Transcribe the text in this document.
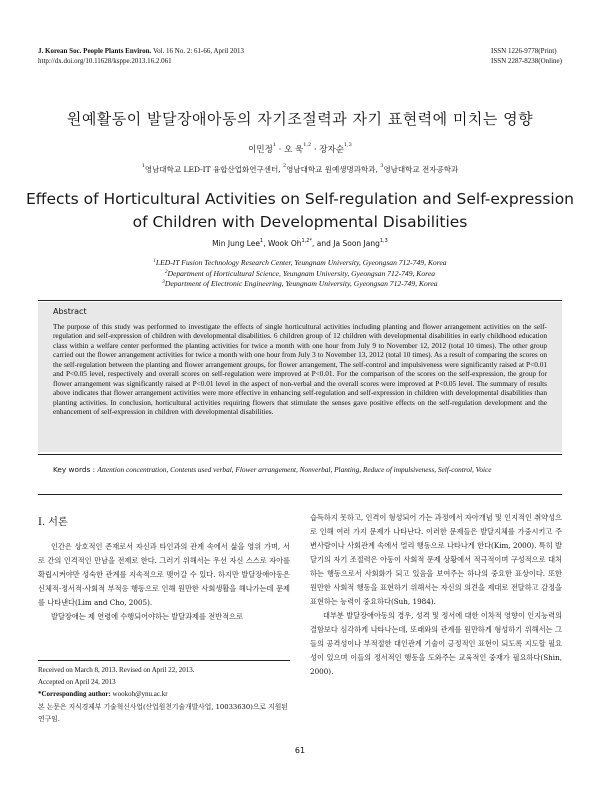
J. Korean Soc. People Plants Environ. Vol. 16 No. 2: 61-66, April 2013
http://dx.doi.org/10.11628/ksppe.2013.16.2.061
ISSN 1226-9778(Print)
ISSN 2287-8238(Online)
원예활동이 발달장애아동의 자기조절력과 자기 표현력에 미치는 영향
이민정$^1$ · 오 욱$^{1,2}$ · 장자순$^{1,3}$
$^1$영남대학교 LED-IT 융합산업화연구센터, $^2$영남대학교 원예생명과학과, $^3$영남대학교 전자공학과
Effects of Horticultural Activities on Self-regulation and Self-expression
of Children with Developmental Disabilities
Min Jung Lee$^1$, Wook $Oh^{1,2*}$, and Ja Soon Jang$^{1,3}$
$^1$LED-IT Fusion Technology Research Center, Yeungnam University, Gyeongsan 712-749, Korea
$^2$Department of Horticultural Science, Yeungnam University, Gyeongsan 712-749, Korea
$^3$Department of Electronic Engineering, Yeungnam University, Gyeongsan 712-749, Korea
Abstract
The purpose of this study was performed to investigate the effects of single horticultural activities including planting and flower arrangement activities on the self-regulation and self-expression of children with developmental disabilities. 6 children group of 12 children with developmental disabilities in early childhood education class within a welfare center performed the planting activities for twice a month with one hour from July 9 to November 12, 2012 (total 10 times). The other group carried out the flower arrangement activities for twice a month with one hour from July 3 to November 13, 2012 (total 10 times). As a result of comparing the scores on the self-regulation between the planting and flower arrangement groups, for flower arrangement, The self-control and impulsiveness were significantly raised at P<0.01 and P<0.05 level, respectively and overall scores on self-regulation were improved at P<0.01. For the comparison of the scores on the self-expression, the group for flower arrangement was significantly raised at P<0.01 level in the aspect of non-verbal and the overall scores were improved at P<0.05 level. The summary of results above indicates that flower arrangement activities were more effective in enhancing self-regulation and self-expression in children with developmental disabilities than planting activities. In conclusion, horticultural activities requiring flowers that stimulate the senses gave positive effects on the self-regulation development and the enhancement of self-expression in children with developmental disabilities.
Key words : Attention concentration, Contents used verbal, Flower arrangement, Nonverbal, Planting, Reduce of impulsiveness, Self-control, Voice
I. 서론

인간은 상호적인 존재로서 자신과 타인과의 관계 속에서 삶을 영위 가며, 서로 간의 인격적인 만남을 전제로 한다. 그러기 위해서는 우선 자신 스스로 자아를 확립시켜야만 성숙한 관계를 지속적으로 맺어갈 수 있다. 하지만 발달장애아동은 신체적·정서적·사회적 부적응 행동으로 인해 원만한 사회생활을 해나가는데 문제를 나타낸다(Lim and Cho, 2005).

발달장애는 제 연령에 수행되어야하는 발달과제를 전반적으로

습득하지 못하고, 인격이 형성되어 가는 과정에서 자아개념 및 인지적인 취약성으로 인해 여러 가지 문제가 나타난다. 이러한 문제들은 발달지체를 가중시키고 주변사람이나 사회관계 속에서 멀리 행동으로 나타나게 한다(Kim, 2000). 특히 발달기의 자기 조절력은 아동이 사회적 문제 상황에서 적극적이며 구성적으로 대처하는 행동으로서 사회화가 되고 있음을 보여주는 하나의 중요한 표상이다. 또한 원만한 사회적 행동을 표현하기 위해서는 자신의 의견을 제대로 전달하고 감정을 표현하는 능력이 중요하다(Suh, 1984).

대부분 발달장애아동의 경우, 성격 및 정서에 대한 이차적 영향이 인지능력의 결함보다 심각하게 나타나는데, 또래와의 관계를 원만하게 형성하기 위해서는 그들의 공격성이나 부적절한 대인관계 기술이 긍정적인 표현이 되도록 지도할 필요성이 있으며 이들의 정서적인 행동을 도와주는 교육적인 중재가 필요하다(Shin, 2000).

Received on March 8, 2013. Revised on April 22, 2013.
Accepted on April 24, 2013
*Corresponding author: wookoh@ynu.ac.kr
본 논문은 지식경제부 기술혁신사업(산업원천기술개발사업, 10033630)으로 지원된 연구임.
61
